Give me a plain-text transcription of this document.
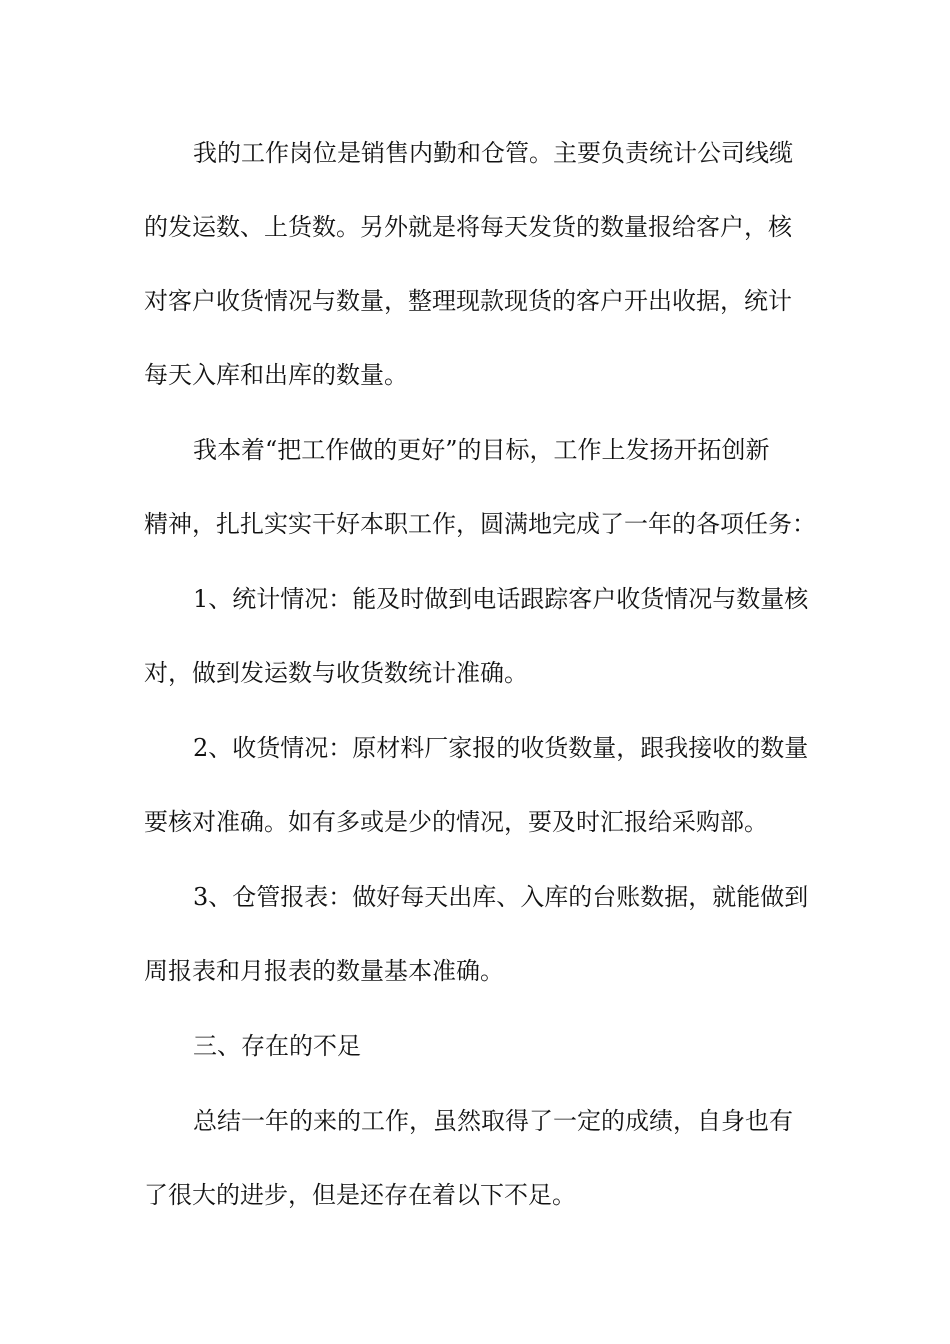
我的工作岗位是销售内勤和仓管。主要负责统计公司线缆
的发运数、上货数。另外就是将每天发货的数量报给客户，核
对客户收货情况与数量，整理现款现货的客户开出收据，统计
每天入库和出库的数量。
我本着“把工作做的更好”的目标，工作上发扬开拓创新
精神，扎扎实实干好本职工作，圆满地完成了一年的各项任务：
1、统计情况：能及时做到电话跟踪客户收货情况与数量核
对，做到发运数与收货数统计准确。
2、收货情况：原材料厂家报的收货数量，跟我接收的数量
要核对准确。如有多或是少的情况，要及时汇报给采购部。
3、仓管报表：做好每天出库、入库的台账数据，就能做到
周报表和月报表的数量基本准确。
三、存在的不足
总结一年的来的工作，虽然取得了一定的成绩，自身也有
了很大的进步，但是还存在着以下不足。
